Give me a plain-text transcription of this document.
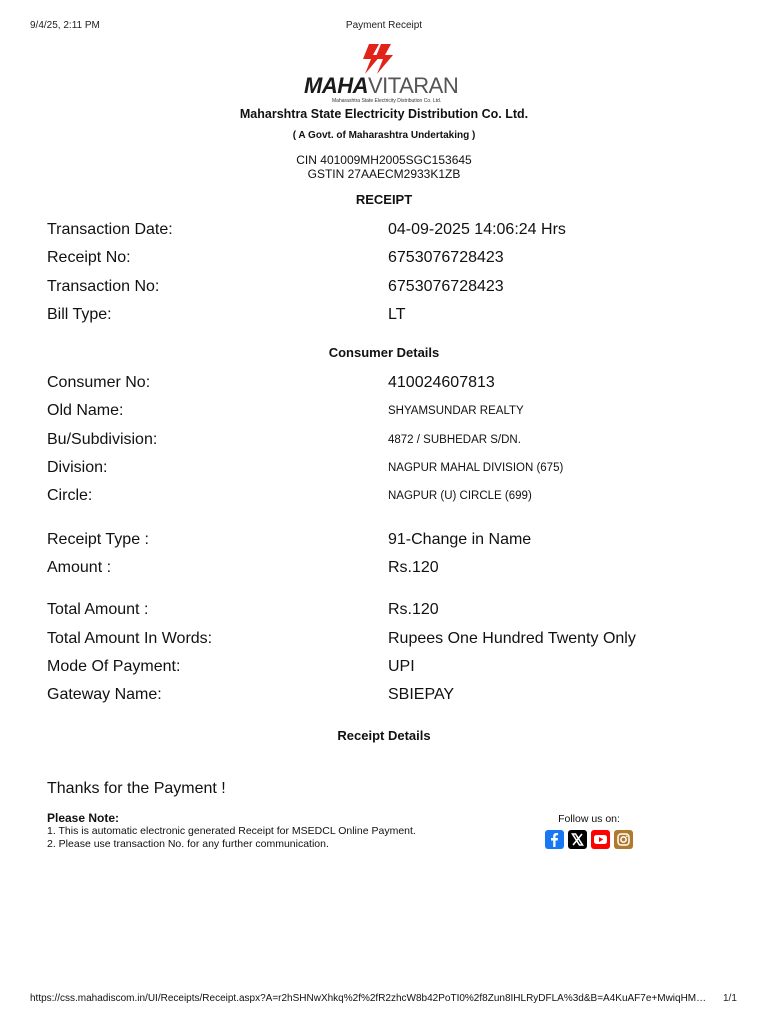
9/4/25, 2:11 PM	Payment Receipt
MAHAVITARAN
Maharashtra State Electricity Distribution Co. Ltd.
Maharshtra State Electricity Distribution Co. Ltd.
( A Govt. of Maharashtra Undertaking )
CIN 401009MH2005SGC153645
GSTIN 27AAECM2933K1ZB
RECEIPT
Transaction Date:	04-09-2025 14:06:24 Hrs
Receipt No:	6753076728423
Transaction No:	6753076728423
Bill Type:	LT
Consumer Details
Consumer No:	410024607813
Old Name:	SHYAMSUNDAR REALTY
Bu/Subdivision:	4872 / SUBHEDAR S/DN.
Division:	NAGPUR MAHAL DIVISION (675)
Circle:	NAGPUR (U) CIRCLE (699)
Receipt Type :	91-Change in Name
Amount :	Rs.120
Total Amount :	Rs.120
Total Amount In Words:	Rupees One Hundred Twenty Only
Mode Of Payment:	UPI
Gateway Name:	SBIEPAY
Receipt Details
Thanks for the Payment !
Please Note:
1. This is automatic electronic generated Receipt for MSEDCL Online Payment.
2. Please use transaction No. for any further communication.
Follow us on:
https://css.mahadiscom.in/UI/Receipts/Receipt.aspx?A=r2hSHNwXhkq%2f%2fR2zhcW8b42PoTI0%2f8Zun8IHLRyDFLA%3d&B=A4KuAF7e+MwiqHM…	1/1
